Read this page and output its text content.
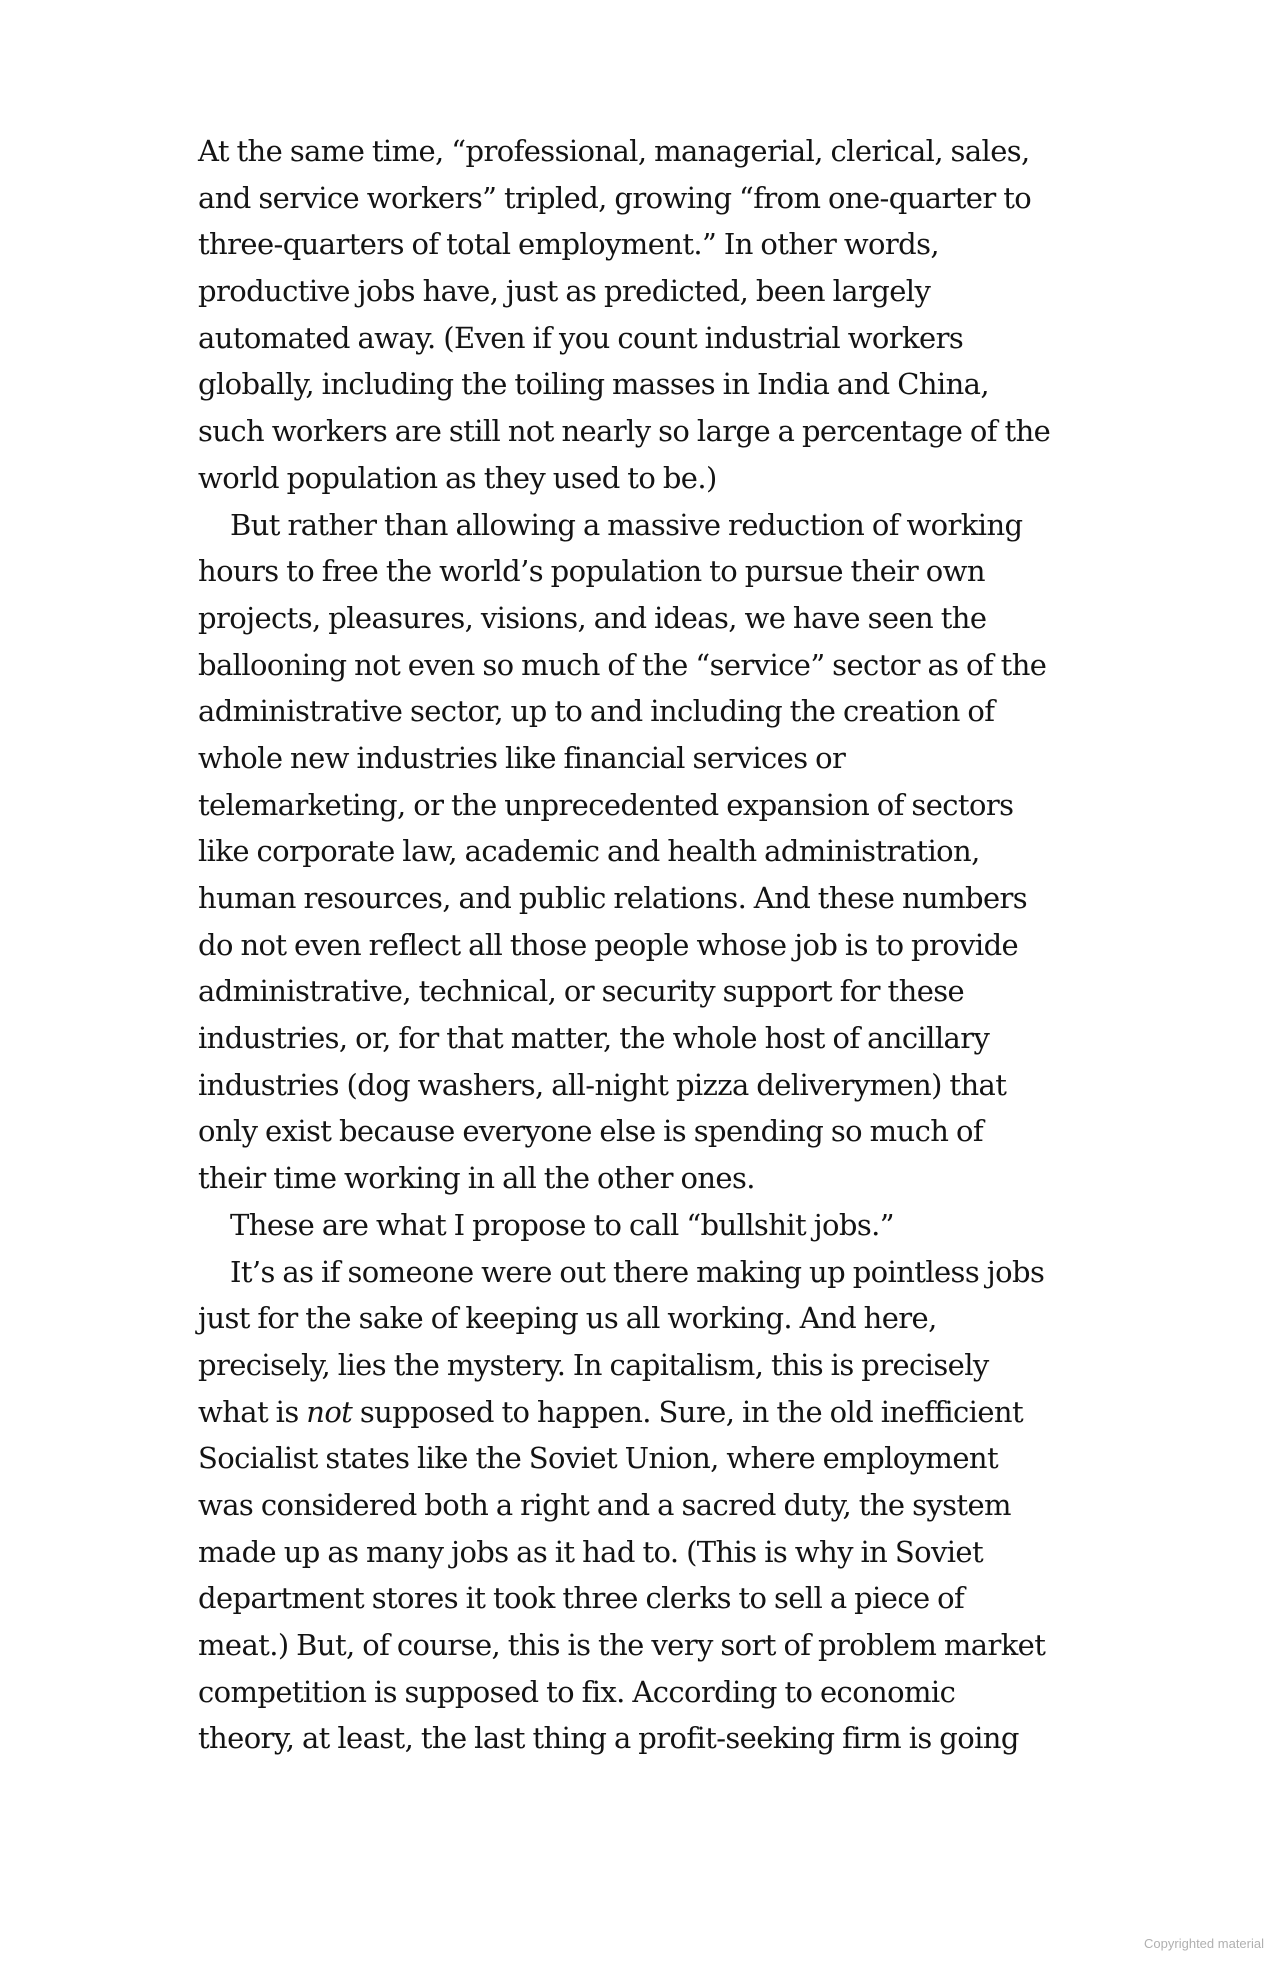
At the same time, “professional, managerial, clerical, sales,
and service workers” tripled, growing “from one-quarter to
three-quarters of total employment.” In other words,
productive jobs have, just as predicted, been largely
automated away. (Even if you count industrial workers
globally, including the toiling masses in India and China,
such workers are still not nearly so large a percentage of the
world population as they used to be.)
But rather than allowing a massive reduction of working
hours to free the world’s population to pursue their own
projects, pleasures, visions, and ideas, we have seen the
ballooning not even so much of the “service” sector as of the
administrative sector, up to and including the creation of
whole new industries like financial services or
telemarketing, or the unprecedented expansion of sectors
like corporate law, academic and health administration,
human resources, and public relations. And these numbers
do not even reflect all those people whose job is to provide
administrative, technical, or security support for these
industries, or, for that matter, the whole host of ancillary
industries (dog washers, all-night pizza deliverymen) that
only exist because everyone else is spending so much of
their time working in all the other ones.
These are what I propose to call “bullshit jobs.”
It’s as if someone were out there making up pointless jobs
just for the sake of keeping us all working. And here,
precisely, lies the mystery. In capitalism, this is precisely
what is not supposed to happen. Sure, in the old inefficient
Socialist states like the Soviet Union, where employment
was considered both a right and a sacred duty, the system
made up as many jobs as it had to. (This is why in Soviet
department stores it took three clerks to sell a piece of
meat.) But, of course, this is the very sort of problem market
competition is supposed to fix. According to economic
theory, at least, the last thing a profit-seeking firm is going
Copyrighted material
